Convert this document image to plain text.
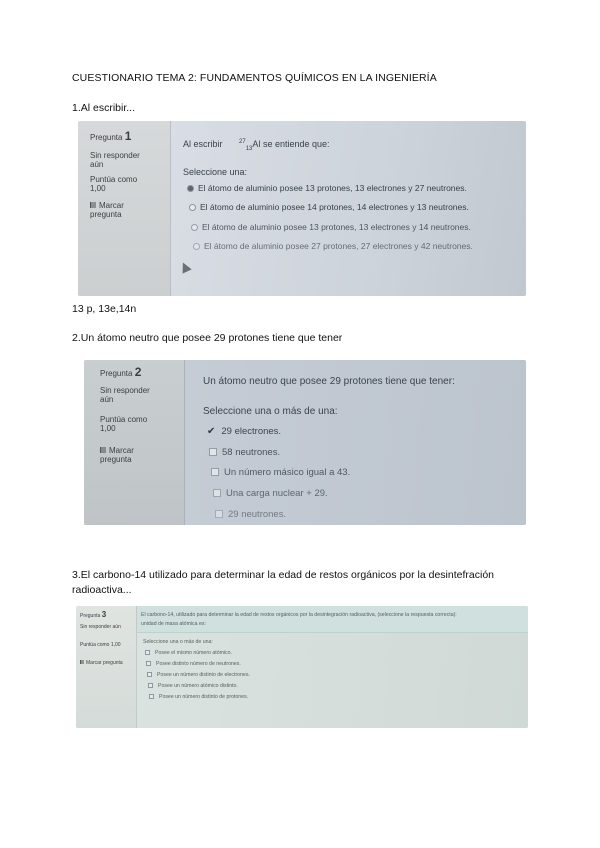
CUESTIONARIO TEMA 2: FUNDAMENTOS QUÍMICOS EN LA INGENIERÍA
1.Al escribir...
Pregunta 1
Sin responder aún
Puntúa como 1,00
Marcar pregunta
Al escribir	$^{27}_{13}$Al se entiende que:
Seleccione una:
El átomo de aluminio posee 13 protones, 13 electrones y 27 neutrones.
El átomo de aluminio posee 14 protones, 14 electrones y 13 neutrones.
El átomo de aluminio posee 13 protones, 13 electrones y 14 neutrones.
El átomo de aluminio posee 27 protones, 27 electrones y 42 neutrones.
13 p, 13e,14n
2.Un átomo neutro que posee 29 protones tiene que tener
Pregunta 2
Sin responder aún
Puntúa como 1,00
Marcar pregunta
Un átomo neutro que posee 29 protones tiene que tener:
Seleccione una o más de una:
✔ 29 electrones.
58 neutrones.
Un número másico igual a 43.
Una carga nuclear + 29.
29 neutrones.
3.El carbono-14 utilizado para determinar la edad de restos orgánicos por la desintefración radioactiva...
Pregunta 3
Sin responder aún
Puntúa como 1,00
Marcar pregunta
El carbono-14, utilizado para determinar la edad de restos orgánicos por la desintegración radioactiva, (seleccione la respuesta correcta):
unidad de masa atómica es:
Seleccione una o más de una:
Posee el mismo número atómico.
Posee distinto número de neutrones.
Posee un número distinto de electrones.
Posee un número atómico distinto.
Posee un número distinto de protones.
